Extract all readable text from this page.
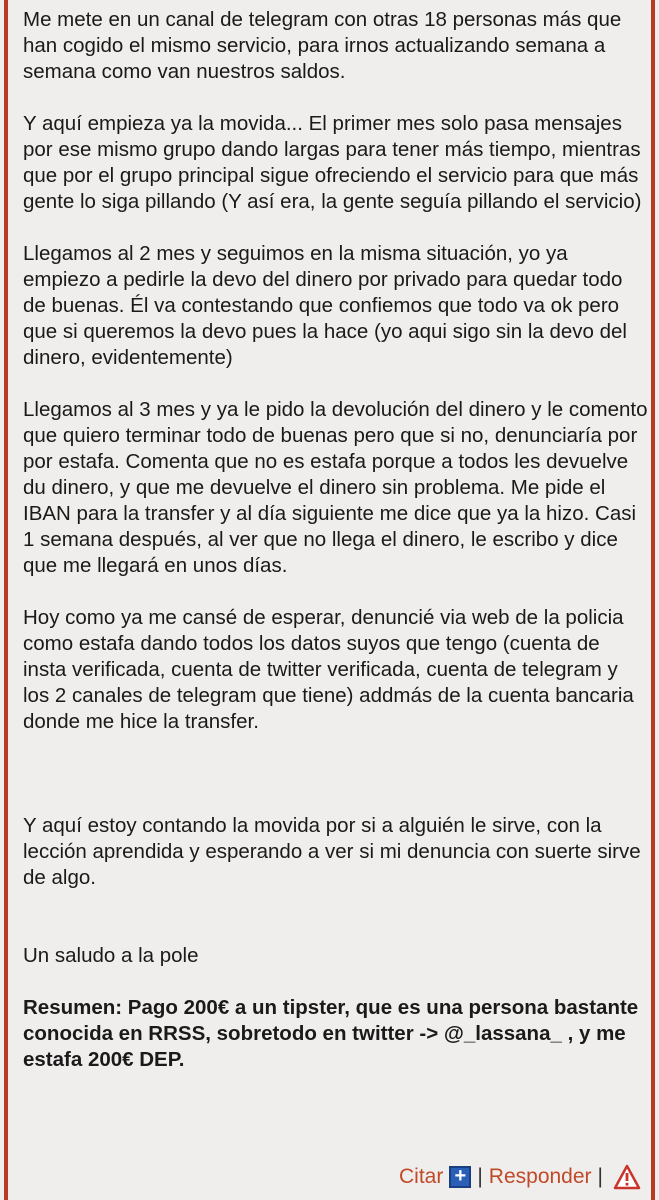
Me mete en un canal de telegram con otras 18 personas más que han cogido el mismo servicio, para irnos actualizando semana a semana como van nuestros saldos.

Y aquí empieza ya la movida... El primer mes solo pasa mensajes por ese mismo grupo dando largas para tener más tiempo, mientras que por el grupo principal sigue ofreciendo el servicio para que más gente lo siga pillando (Y así era, la gente seguía pillando el servicio)

Llegamos al 2 mes y seguimos en la misma situación, yo ya empiezo a pedirle la devo del dinero por privado para quedar todo de buenas. Él va contestando que confiemos que todo va ok pero que si queremos la devo pues la hace (yo aqui sigo sin la devo del dinero, evidentemente)

Llegamos al 3 mes y ya le pido la devolución del dinero y le comento que quiero terminar todo de buenas pero que si no, denunciaría por por estafa. Comenta que no es estafa porque a todos les devuelve du dinero, y que me devuelve el dinero sin problema. Me pide el IBAN para la transfer y al día siguiente me dice que ya la hizo. Casi 1 semana después, al ver que no llega el dinero, le escribo y dice que me llegará en unos días.

Hoy como ya me cansé de esperar, denuncié via web de la policia como estafa dando todos los datos suyos que tengo (cuenta de insta verificada, cuenta de twitter verificada, cuenta de telegram y los 2 canales de telegram que tiene) addmás de la cuenta bancaria donde me hice la transfer.

Y aquí estoy contando la movida por si a alguién le sirve, con la lección aprendida y esperando a ver si mi denuncia con suerte sirve de algo.

Un saludo a la pole

Resumen: Pago 200€ a un tipster, que es una persona bastante conocida en RRSS, sobretodo en twitter -> @_lassana_ , y me estafa 200€ DEP.

Citar + | Responder |
